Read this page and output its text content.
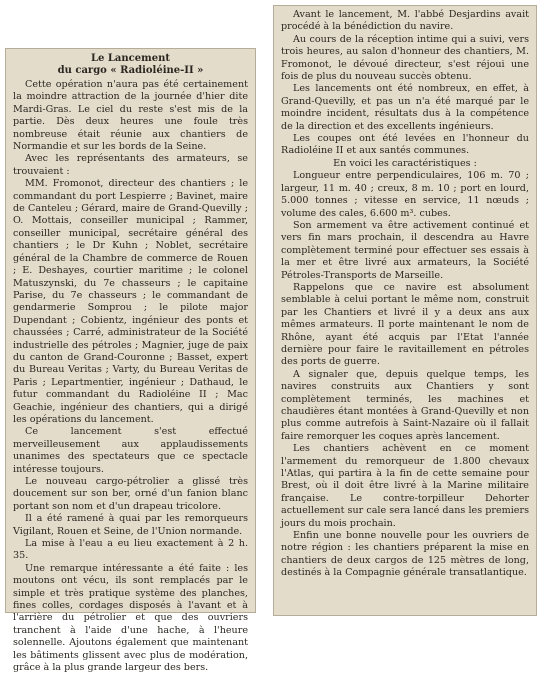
Le Lancement
du cargo « Radioléine-II »

Cette opération n'aura pas été certainement la moindre attraction de la journée d'hier dite Mardi-Gras. Le ciel du reste s'est mis de la partie. Dès deux heures une foule très nombreuse était réunie aux chantiers de Normandie et sur les bords de la Seine.

Avec les représentants des armateurs, se trouvaient :

MM. Fromonot, directeur des chantiers ; le commandant du port Lespierre ; Bavinet, maire de Canteleu ; Gérard, maire de Grand-Quevilly ; O. Mottais, conseiller municipal ; Rammer, conseiller municipal, secrétaire général des chantiers ; le Dr Kuhn ; Noblet, secrétaire général de la Chambre de commerce de Rouen ; E. Deshayes, courtier maritime ; le colonel Matuszynski, du 7e chasseurs ; le capitaine Parise, du 7e chasseurs ; le commandant de gendarmerie Somprou ; le pilote major Dupendant ; Cobientz, ingénieur des ponts et chaussées ; Carré, administrateur de la Société industrielle des pétroles ; Magnier, juge de paix du canton de Grand-Couronne ; Basset, expert du Bureau Veritas ; Varty, du Bureau Veritas de Paris ; Lepartmentier, ingénieur ; Dathaud, le futur commandant du Radioléine II ; Mac Geachie, ingénieur des chantiers, qui a dirigé les opérations du lancement.

Ce lancement s'est effectué merveilleusement aux applaudissements unanimes des spectateurs que ce spectacle intéresse toujours.

Le nouveau cargo-pétrolier a glissé très doucement sur son ber, orné d'un fanion blanc portant son nom et d'un drapeau tricolore.

Il a été ramené à quai par les remorqueurs Vigilant, Rouen et Seine, de l'Union normande.

La mise à l'eau a eu lieu exactement à 2 h. 35.

Une remarque intéressante a été faite : les moutons ont vécu, ils sont remplacés par le simple et très pratique système des planches, fines colles, cordages disposés à l'avant et à l'arrière du pétrolier et que des ouvriers tranchent à l'aide d'une hache, à l'heure solennelle. Ajoutons également que maintenant les bâtiments glissent avec plus de modération, grâce à la plus grande largeur des bers.

Avant le lancement, M. l'abbé Desjardins avait procédé à la bénédiction du navire.

Au cours de la réception intime qui a suivi, vers trois heures, au salon d'honneur des chantiers, M. Fromonot, le dévoué directeur, s'est réjoui une fois de plus du nouveau succès obtenu.

Les lancements ont été nombreux, en effet, à Grand-Quevilly, et pas un n'a été marqué par le moindre incident, résultats dus à la compétence de la direction et des excellents ingénieurs.

Les coupes ont été levées en l'honneur du Radioléine II et aux santés communes.

En voici les caractéristiques :

Longueur entre perpendiculaires, 106 m. 70 ; largeur, 11 m. 40 ; creux, 8 m. 10 ; port en lourd, 5.000 tonnes ; vitesse en service, 11 nœuds ; volume des cales, 6.600 m³. cubes.

Son armement va être activement continué et vers fin mars prochain, il descendra au Havre complètement terminé pour effectuer ses essais à la mer et être livré aux armateurs, la Société Pétroles-Transports de Marseille.

Rappelons que ce navire est absolument semblable à celui portant le même nom, construit par les Chantiers et livré il y a deux ans aux mêmes armateurs. Il porte maintenant le nom de Rhône, ayant été acquis par l'Etat l'année dernière pour faire le ravitaillement en pétroles des ports de guerre.

A signaler que, depuis quelque temps, les navires construits aux Chantiers y sont complètement terminés, les machines et chaudières étant montées à Grand-Quevilly et non plus comme autrefois à Saint-Nazaire où il fallait faire remorquer les coques après lancement.

Les chantiers achèvent en ce moment l'armement du remorqueur de 1.800 chevaux l'Atlas, qui partira à la fin de cette semaine pour Brest, où il doit être livré à la Marine militaire française. Le contre-torpilleur Dehorter actuellement sur cale sera lancé dans les premiers jours du mois prochain.

Enfin une bonne nouvelle pour les ouvriers de notre région : les chantiers préparent la mise en chantiers de deux cargos de 125 mètres de long, destinés à la Compagnie générale transatlantique.
